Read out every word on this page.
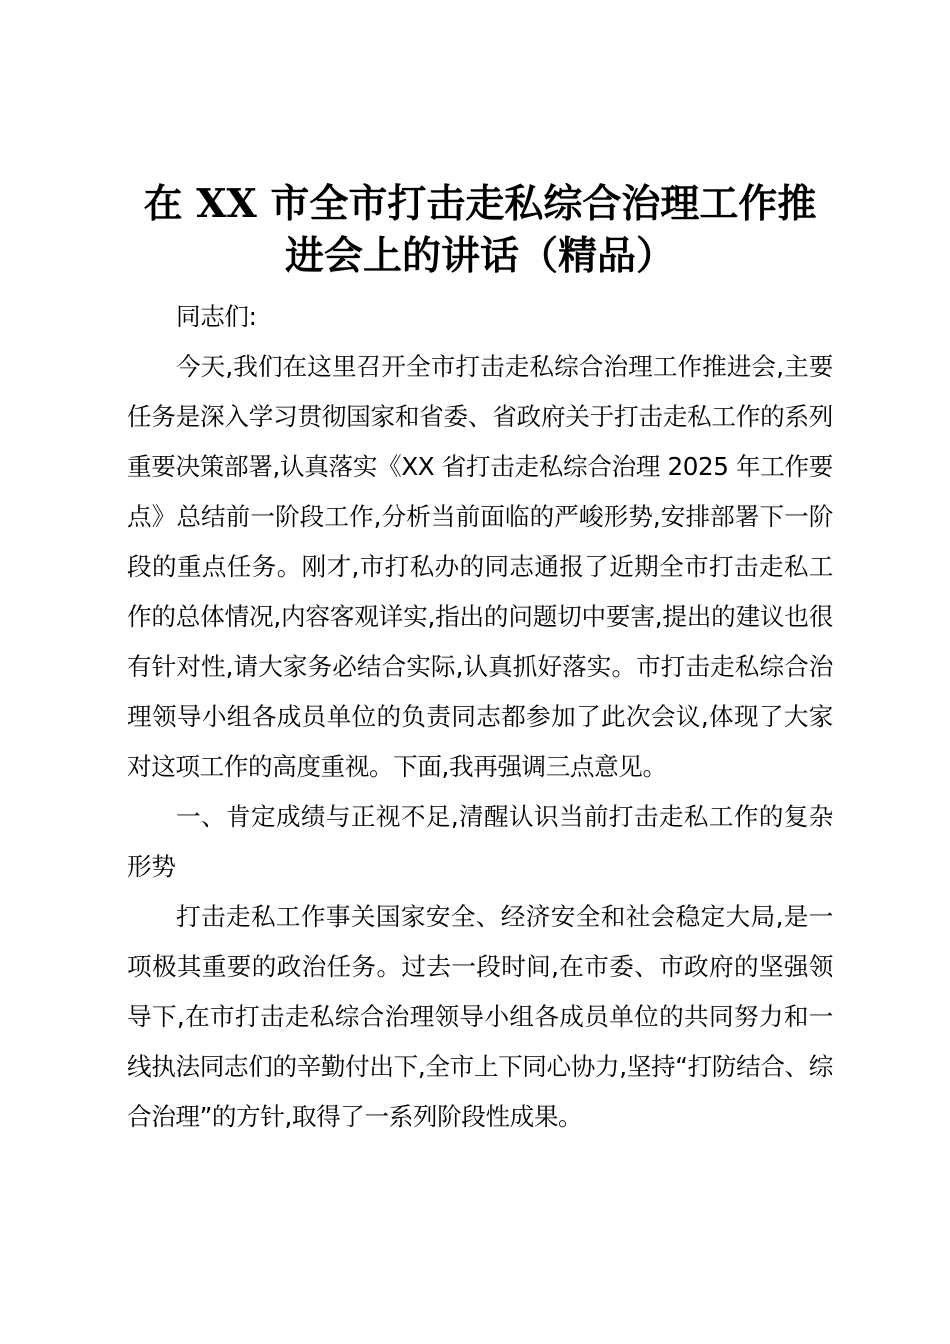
在 XX 市全市打击走私综合治理工作推
进会上的讲话（精品）

同志们:

今天,我们在这里召开全市打击走私综合治理工作推进会,主要任务是深入学习贯彻国家和省委、省政府关于打击走私工作的系列重要决策部署,认真落实《XX 省打击走私综合治理 2025 年工作要点》总结前一阶段工作,分析当前面临的严峻形势,安排部署下一阶段的重点任务。刚才,市打私办的同志通报了近期全市打击走私工作的总体情况,内容客观详实,指出的问题切中要害,提出的建议也很有针对性,请大家务必结合实际,认真抓好落实。市打击走私综合治理领导小组各成员单位的负责同志都参加了此次会议,体现了大家对这项工作的高度重视。下面,我再强调三点意见。

一、肯定成绩与正视不足,清醒认识当前打击走私工作的复杂形势

打击走私工作事关国家安全、经济安全和社会稳定大局,是一项极其重要的政治任务。过去一段时间,在市委、市政府的坚强领导下,在市打击走私综合治理领导小组各成员单位的共同努力和一线执法同志们的辛勤付出下,全市上下同心协力,坚持“打防结合、综合治理”的方针,取得了一系列阶段性成果。
